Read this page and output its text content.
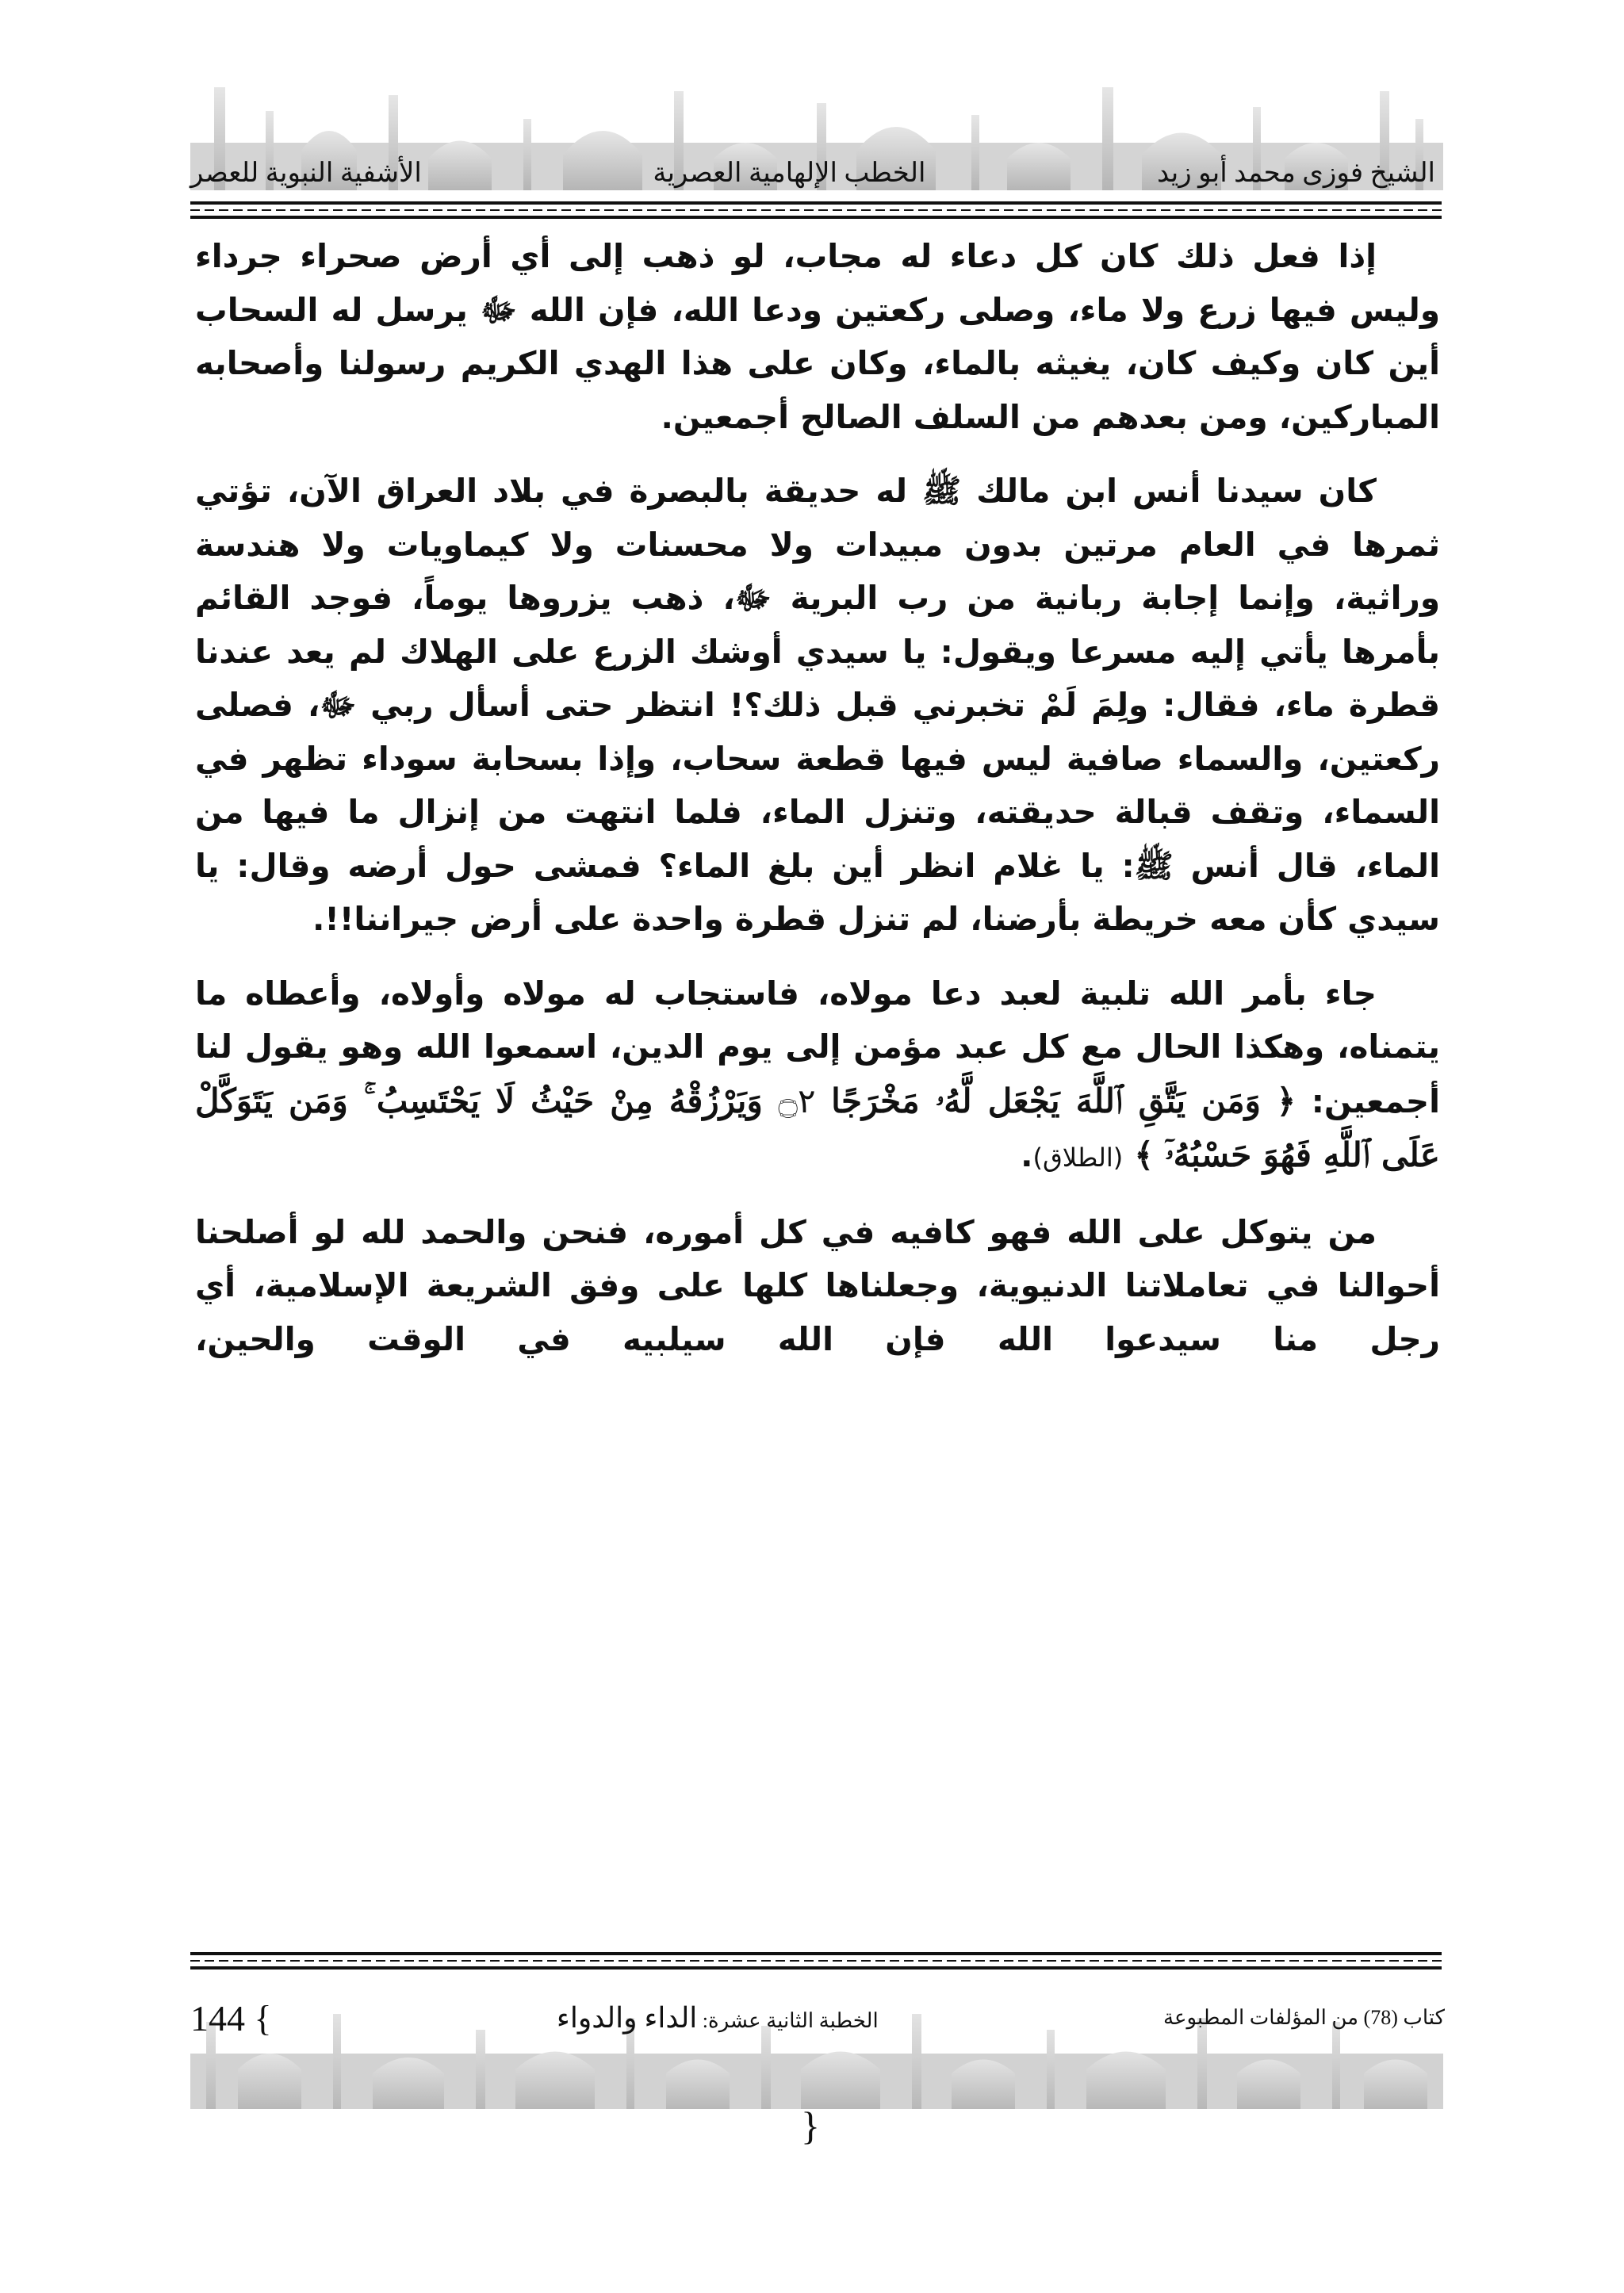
الشيخ فوزى محمد أبو زيد
الخطب الإلهامية العصرية
الأشفية النبوية للعصر

إذا فعل ذلك كان كل دعاء له مجاب، لو ذهب إلى أي أرض صحراء جرداء وليس فيها زرع ولا ماء، وصلى ركعتين ودعا الله، فإن الله ﷻ يرسل له السحاب أين كان وكيف كان، يغيثه بالماء، وكان على هذا الهدي الكريم رسولنا وأصحابه المباركين، ومن بعدهم من السلف الصالح أجمعين.

كان سيدنا أنس ابن مالك ﷺ له حديقة بالبصرة في بلاد العراق الآن، تؤتي ثمرها في العام مرتين بدون مبيدات ولا محسنات ولا كيماويات ولا هندسة وراثية، وإنما إجابة ربانية من رب البرية ﷻ، ذهب يزروها يوماً، فوجد القائم بأمرها يأتي إليه مسرعا ويقول: يا سيدي أوشك الزرع على الهلاك لم يعد عندنا قطرة ماء، فقال: ولِمَ لَمْ تخبرني قبل ذلك؟! انتظر حتى أسأل ربي ﷻ، فصلى ركعتين، والسماء صافية ليس فيها قطعة سحاب، وإذا بسحابة سوداء تظهر في السماء، وتقف قبالة حديقته، وتنزل الماء، فلما انتهت من إنزال ما فيها من الماء، قال أنس ﷺ: يا غلام انظر أين بلغ الماء؟ فمشى حول أرضه وقال: يا سيدي كأن معه خريطة بأرضنا، لم تنزل قطرة واحدة على أرض جيراننا!!.

جاء بأمر الله تلبية لعبد دعا مولاه، فاستجاب له مولاه وأولاه، وأعطاه ما يتمناه، وهكذا الحال مع كل عبد مؤمن إلى يوم الدين، اسمعوا الله وهو يقول لنا أجمعين: ﴿ وَمَن يَتَّقِ ٱللَّهَ يَجْعَل لَّهُۥ مَخْرَجًا ۝٢ وَيَرْزُقْهُ مِنْ حَيْثُ لَا يَحْتَسِبُ ۚ وَمَن يَتَوَكَّلْ عَلَى ٱللَّهِ فَهُوَ حَسْبُهُۥٓ ﴾ (الطلاق).

من يتوكل على الله فهو كافيه في كل أموره، فنحن والحمد لله لو أصلحنا أحوالنا في تعاملاتنا الدنيوية، وجعلناها كلها على وفق الشريعة الإسلامية، أي رجل منا سيدعوا الله فإن الله سيلبيه في الوقت والحين،

كتاب (78) من المؤلفات المطبوعة
الخطبة الثانية عشرة: الداء والدواء
144 {
{
